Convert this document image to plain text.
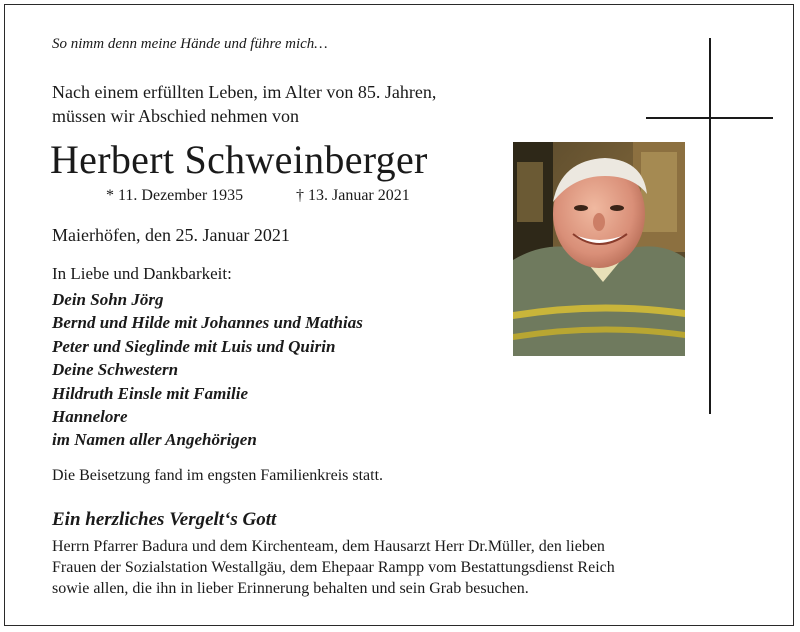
So nimm denn meine Hände und führe mich…
Nach einem erfüllten Leben, im Alter von 85. Jahren,
müssen wir Abschied nehmen von
Herbert Schweinberger
* 11. Dezember 1935	† 13. Januar 2021
Maierhöfen, den 25. Januar 2021
In Liebe und Dankbarkeit:
Dein Sohn Jörg
Bernd und Hilde mit Johannes und Mathias
Peter und Sieglinde mit Luis und Quirin
Deine Schwestern
Hildruth Einsle mit Familie
Hannelore
im Namen aller Angehörigen
Die Beisetzung fand im engsten Familienkreis statt.
Ein herzliches Vergelt‘s Gott
Herrn Pfarrer Badura und dem Kirchenteam, dem Hausarzt Herr Dr.Müller, den lieben
Frauen der Sozialstation Westallgäu, dem Ehepaar Rampp vom Bestattungsdienst Reich
sowie allen, die ihn in lieber Erinnerung behalten und sein Grab besuchen.
